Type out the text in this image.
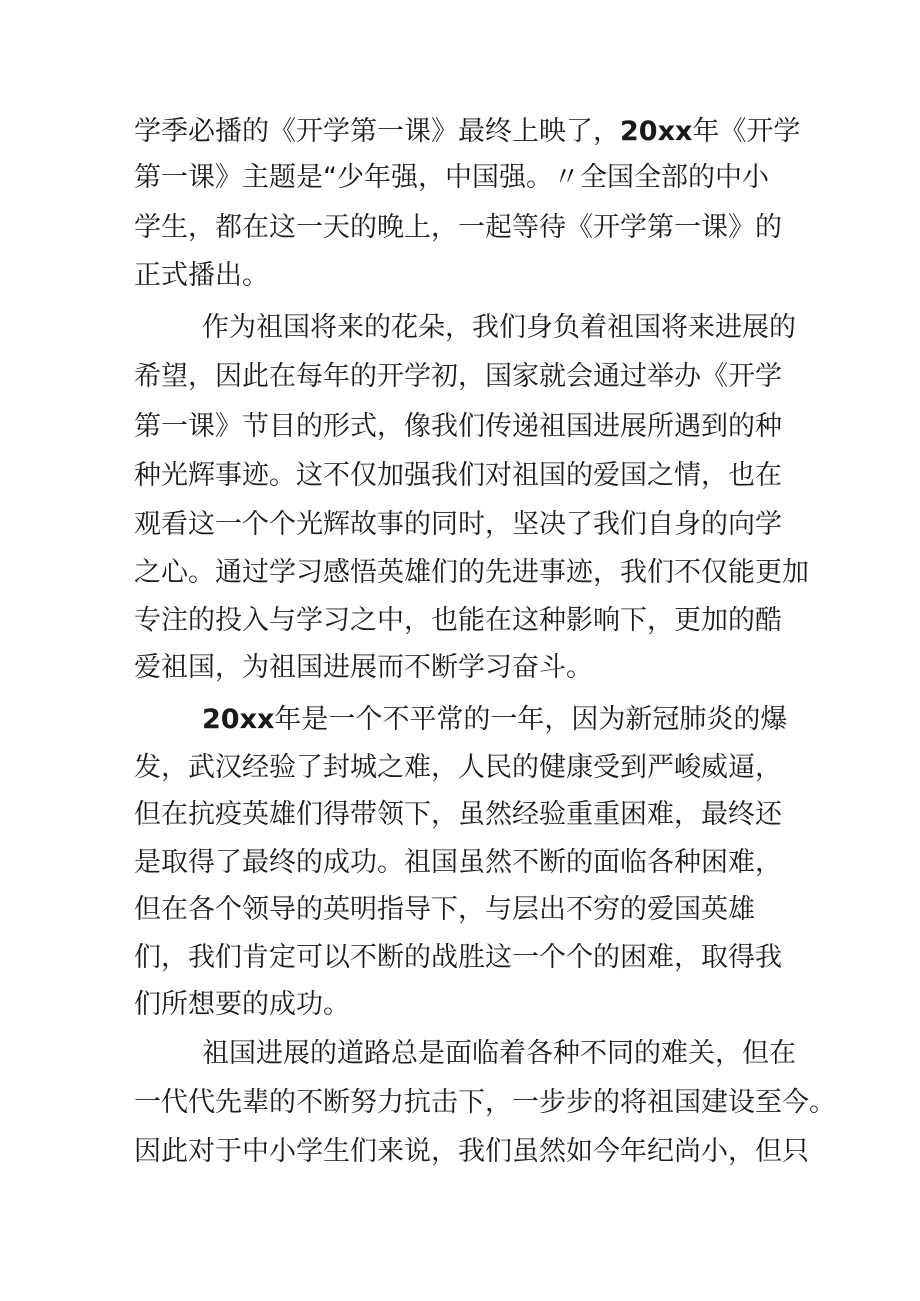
学季必播的《开学第一课》最终上映了，20xx年《开学

第一课》主题是“少年强，中国强。〃全国全部的中小

学生，都在这一天的晚上，一起等待《开学第一课》的

正式播出。

作为祖国将来的花朵，我们身负着祖国将来进展的

希望，因此在每年的开学初，国家就会通过举办《开学

第一课》节目的形式，像我们传递祖国进展所遇到的种

种光辉事迹。这不仅加强我们对祖国的爱国之情，也在

观看这一个个光辉故事的同时，坚决了我们自身的向学

之心。通过学习感悟英雄们的先进事迹，我们不仅能更加

专注的投入与学习之中，也能在这种影响下，更加的酷

爱祖国，为祖国进展而不断学习奋斗。

20xx年是一个不平常的一年，因为新冠肺炎的爆

发，武汉经验了封城之难，人民的健康受到严峻威逼，

但在抗疫英雄们得带领下，虽然经验重重困难，最终还

是取得了最终的成功。祖国虽然不断的面临各种困难，

但在各个领导的英明指导下，与层出不穷的爱国英雄

们，我们肯定可以不断的战胜这一个个的困难，取得我

们所想要的成功。

祖国进展的道路总是面临着各种不同的难关，但在

一代代先辈的不断努力抗击下，一步步的将祖国建设至今。

因此对于中小学生们来说，我们虽然如今年纪尚小，但只
